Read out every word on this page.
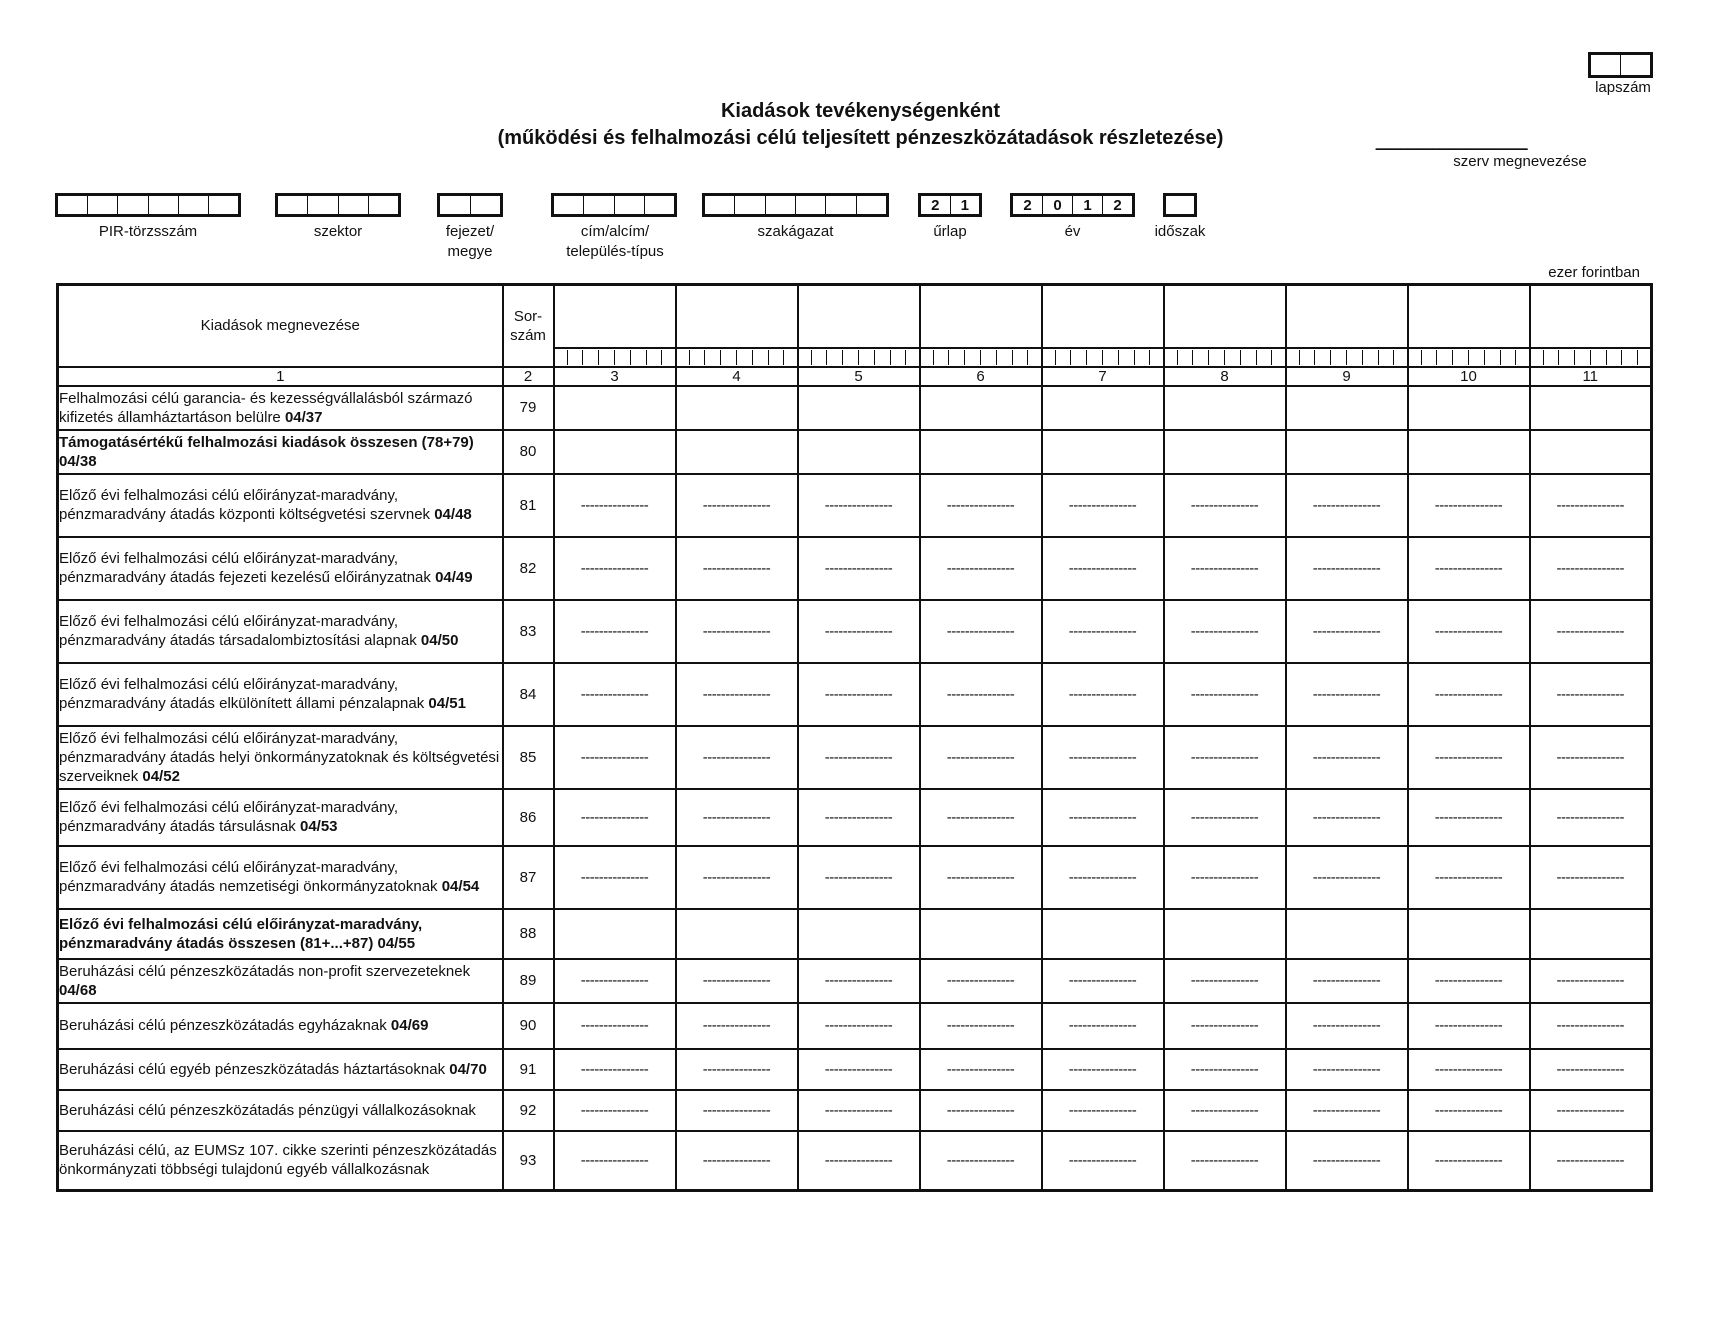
lapszám
Kiadások tevékenységenként
(működési és felhalmozási célú teljesített pénzeszközátadások részletezése)	------------------------------------------------
szerv megnevezése
PIR-törzsszám	szektor	fejezet/
megye
cím/alcím/
település-típus
szakágazat
2	1
űrlap
2	0	1	2
év	időszak
ezer forintban
Kiadások megnevezése	Sor-
szám									

1	2	3	4	5	6	7	8	9	10	11
Felhalmozási célú garancia- és kezességvállalásból származó kifizetés államháztartáson belülre 04/37	79									
Támogatásértékű felhalmozási kiadások összesen (78+79) 04/38	80									
Előző évi felhalmozási célú előirányzat-maradvány, pénzmaradvány átadás központi költségvetési szervnek 04/48	81	---------------	---------------	---------------	---------------	---------------	---------------	---------------	---------------	---------------
Előző évi felhalmozási célú előirányzat-maradvány, pénzmaradvány átadás fejezeti kezelésű előirányzatnak 04/49	82	---------------	---------------	---------------	---------------	---------------	---------------	---------------	---------------	---------------
Előző évi felhalmozási célú előirányzat-maradvány, pénzmaradvány átadás társadalombiztosítási alapnak 04/50	83	---------------	---------------	---------------	---------------	---------------	---------------	---------------	---------------	---------------
Előző évi felhalmozási célú előirányzat-maradvány, pénzmaradvány átadás elkülönített állami pénzalapnak 04/51	84	---------------	---------------	---------------	---------------	---------------	---------------	---------------	---------------	---------------
Előző évi felhalmozási célú előirányzat-maradvány, pénzmaradvány átadás helyi önkormányzatoknak és költségvetési szerveiknek 04/52	85	---------------	---------------	---------------	---------------	---------------	---------------	---------------	---------------	---------------
Előző évi felhalmozási célú előirányzat-maradvány, pénzmaradvány átadás társulásnak 04/53	86	---------------	---------------	---------------	---------------	---------------	---------------	---------------	---------------	---------------
Előző évi felhalmozási célú előirányzat-maradvány, pénzmaradvány átadás nemzetiségi önkormányzatoknak 04/54	87	---------------	---------------	---------------	---------------	---------------	---------------	---------------	---------------	---------------
Előző évi felhalmozási célú előirányzat-maradvány, pénzmaradvány átadás összesen (81+...+87) 04/55	88									
Beruházási célú pénzeszközátadás non-profit szervezeteknek 04/68	89	---------------	---------------	---------------	---------------	---------------	---------------	---------------	---------------	---------------
Beruházási célú pénzeszközátadás egyházaknak 04/69	90	---------------	---------------	---------------	---------------	---------------	---------------	---------------	---------------	---------------
Beruházási célú egyéb pénzeszközátadás háztartásoknak 04/70	91	---------------	---------------	---------------	---------------	---------------	---------------	---------------	---------------	---------------
Beruházási célú pénzeszközátadás pénzügyi vállalkozásoknak	92	---------------	---------------	---------------	---------------	---------------	---------------	---------------	---------------	---------------
Beruházási célú, az EUMSz 107. cikke szerinti pénzeszközátadás önkormányzati többségi tulajdonú egyéb vállalkozásnak	93	---------------	---------------	---------------	---------------	---------------	---------------	---------------	---------------	---------------
